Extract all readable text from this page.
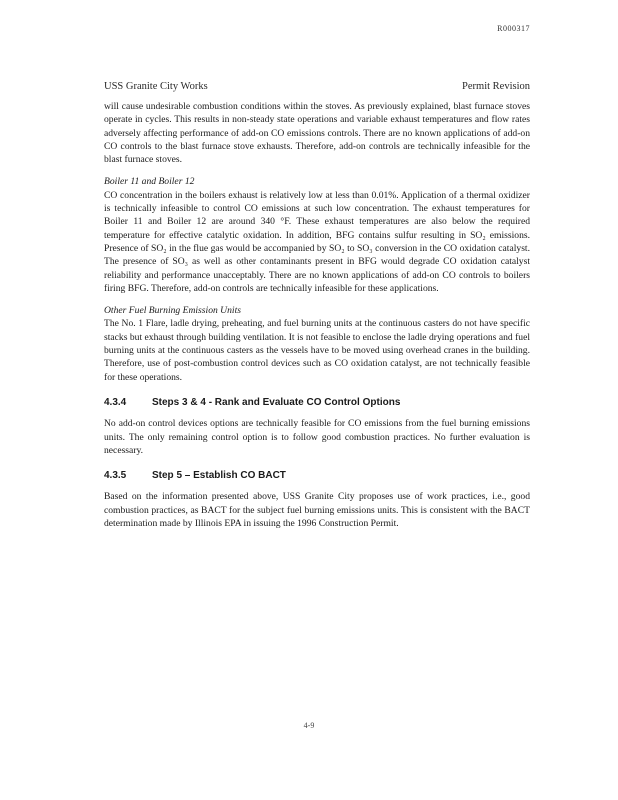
R000317
USS Granite City Works	Permit Revision

will cause undesirable combustion conditions within the stoves. As previously explained, blast furnace stoves operate in cycles. This results in non-steady state operations and variable exhaust temperatures and flow rates adversely affecting performance of add-on CO emissions controls. There are no known applications of add-on CO controls to the blast furnace stove exhausts. Therefore, add-on controls are technically infeasible for the blast furnace stoves.

Boiler 11 and Boiler 12

CO concentration in the boilers exhaust is relatively low at less than 0.01%. Application of a thermal oxidizer is technically infeasible to control CO emissions at such low concentration. The exhaust temperatures for Boiler 11 and Boiler 12 are around 340 °F. These exhaust temperatures are also below the required temperature for effective catalytic oxidation. In addition, BFG contains sulfur resulting in SO₂ emissions. Presence of SO₂ in the flue gas would be accompanied by SO₂ to SO₃ conversion in the CO oxidation catalyst. The presence of SO₃ as well as other contaminants present in BFG would degrade CO oxidation catalyst reliability and performance unacceptably. There are no known applications of add-on CO controls to boilers firing BFG. Therefore, add-on controls are technically infeasible for these applications.

Other Fuel Burning Emission Units

The No. 1 Flare, ladle drying, preheating, and fuel burning units at the continuous casters do not have specific stacks but exhaust through building ventilation. It is not feasible to enclose the ladle drying operations and fuel burning units at the continuous casters as the vessels have to be moved using overhead cranes in the building. Therefore, use of post-combustion control devices such as CO oxidation catalyst, are not technically feasible for these operations.

4.3.4	Steps 3 & 4 - Rank and Evaluate CO Control Options

No add-on control devices options are technically feasible for CO emissions from the fuel burning emissions units. The only remaining control option is to follow good combustion practices. No further evaluation is necessary.

4.3.5	Step 5 – Establish CO BACT

Based on the information presented above, USS Granite City proposes use of work practices, i.e., good combustion practices, as BACT for the subject fuel burning emissions units. This is consistent with the BACT determination made by Illinois EPA in issuing the 1996 Construction Permit.

4-9
